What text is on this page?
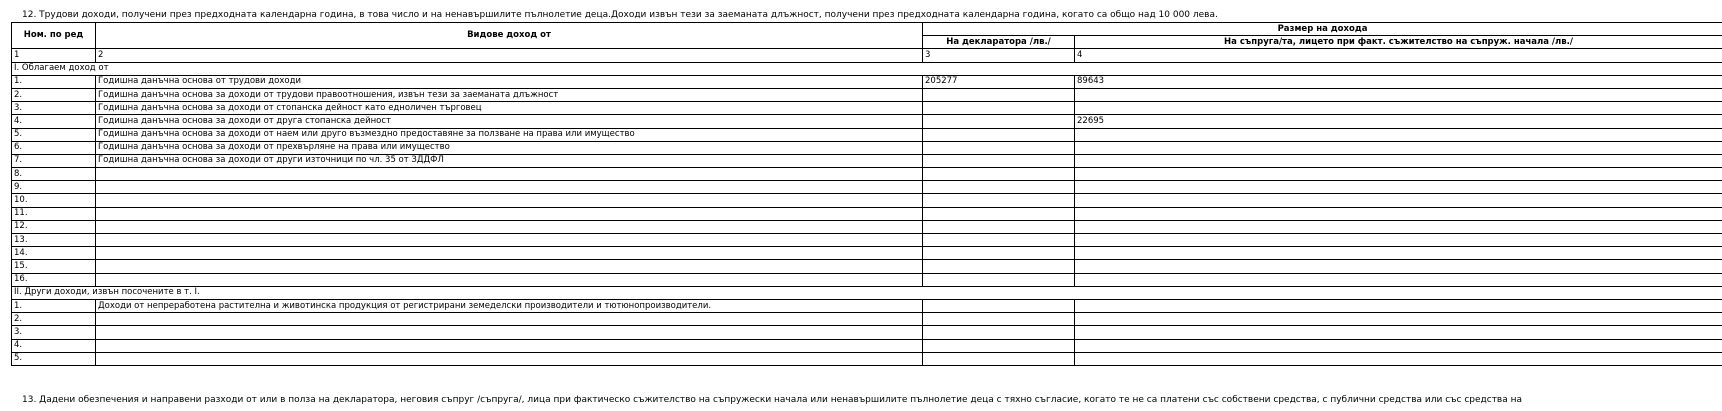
12. Трудови доходи, получени през предходната календарна година, в това число и на ненавършилите пълнолетие деца.Доходи извън тези за заеманата длъжност, получени през предходната календарна година, когато са общо над 10 000 лева.
Ном. по ред	Видове доход от	Размер на дохода	
		На декларатора /лв./	На съпруга/та, лицето при факт. съжителство на съпруж. начала /лв./
1	2	3	4
I. Облагаем доход от			
1.	Годишна данъчна основа от трудови доходи	205277	89643
2.	Годишна данъчна основа за доходи от трудови правоотношения, извън тези за заеманата длъжност		
3.	Годишна данъчна основа за доходи от стопанска дейност като едноличен търговец		
4.	Годишна данъчна основа за доходи от друга стопанска дейност		22695
5.	Годишна данъчна основа за доходи от наем или друго възмездно предоставяне за ползване на права или имущество		
6.	Годишна данъчна основа за доходи от прехвърляне на права или имущество		
7.	Годишна данъчна основа за доходи от други източници по чл. 35 от ЗДДФЛ		
8.			
9.			
10.			
11.			
12.			
13.			
14.			
15.			
16.			
II. Други доходи, извън посочените в т. I.			
1.	Доходи от непреработена растителна и животинска продукция от регистрирани земеделски производители и тютюнопроизводители.		
2.			
3.			
4.			
5.			
13. Дадени обезпечения и направени разходи от или в полза на декларатора, неговия съпруг /съпруга/, лица при фактическо съжителство на съпружески начала или ненавършилите пълнолетие деца с тяхно съгласие, когато те не са платени със собствени средства, с публични средства или със средства на
